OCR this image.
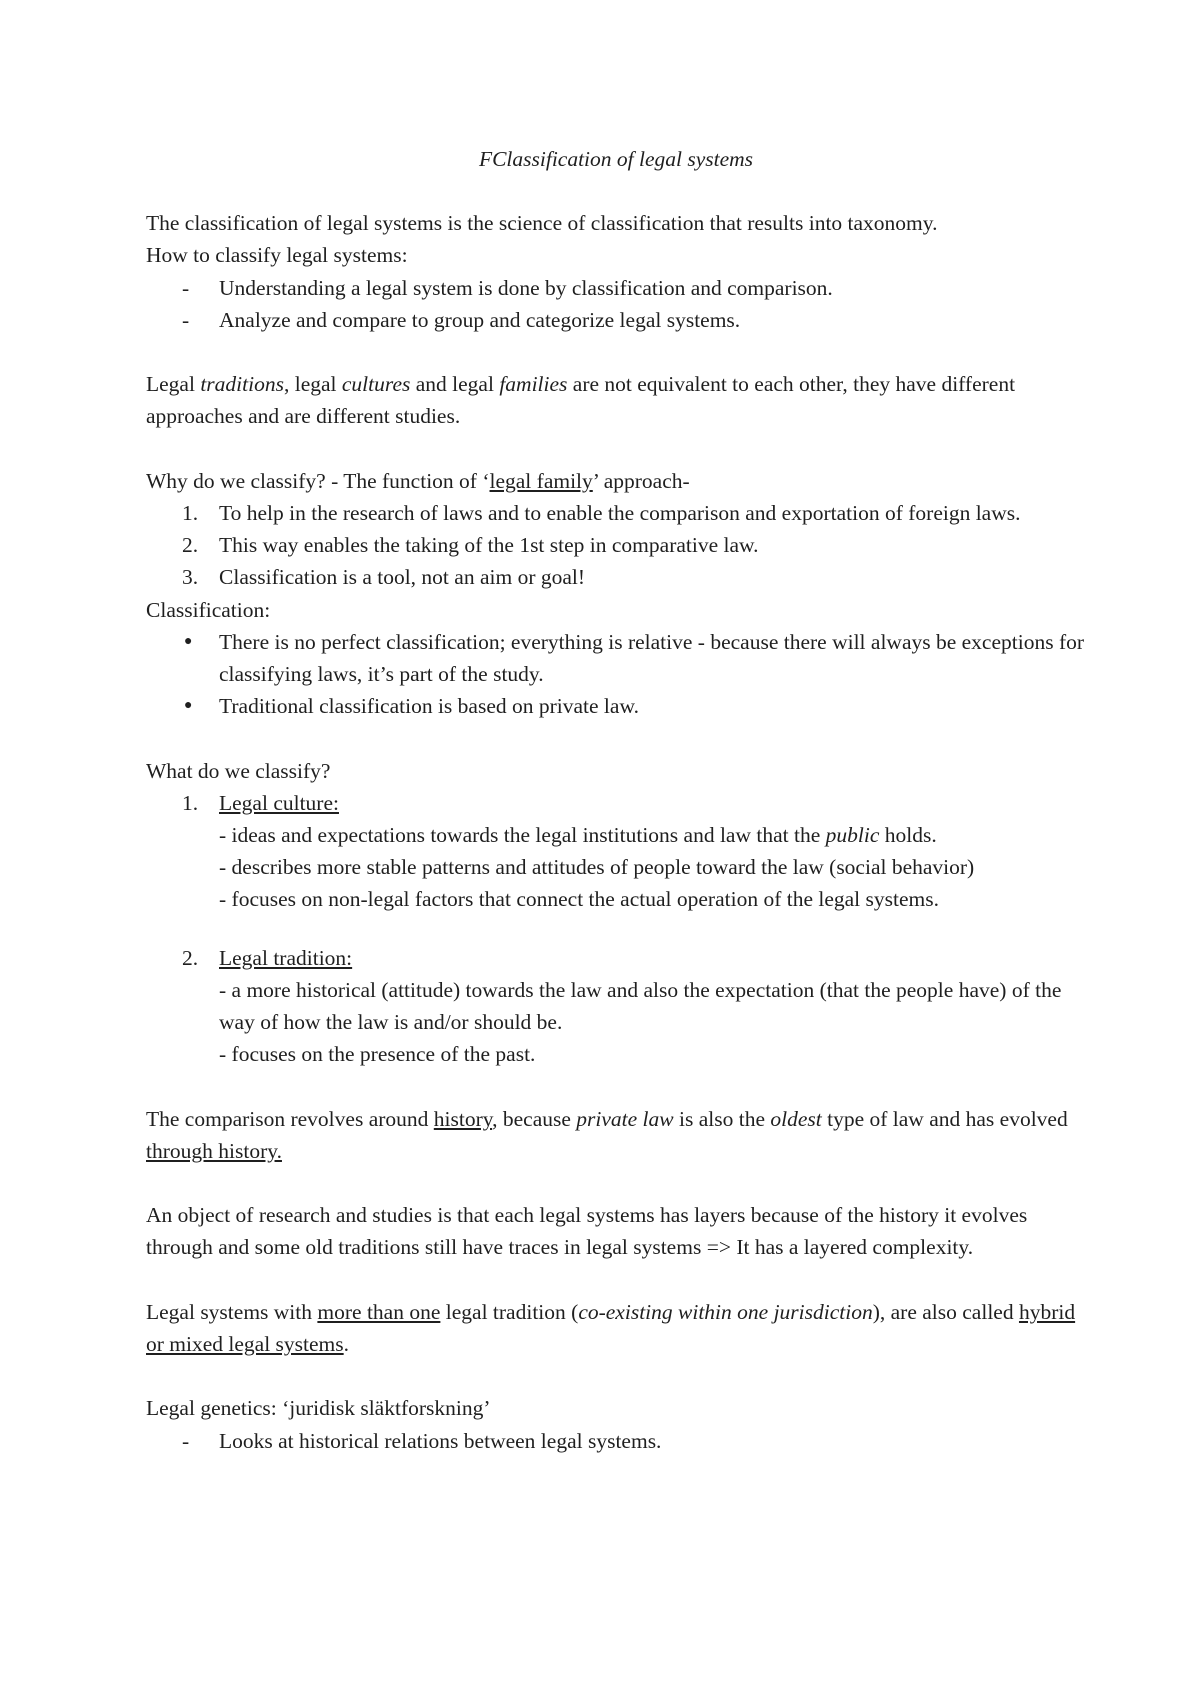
FClassification of legal systems

The classification of legal systems is the science of classification that results into taxonomy.

How to classify legal systems:

-	Understanding a legal system is done by classification and comparison.
-	Analyze and compare to group and categorize legal systems.

Legal traditions, legal cultures and legal families are not equivalent to each other, they have different approaches and are different studies.

Why do we classify? - The function of ‘legal family’ approach-

1. To help in the research of laws and to enable the comparison and exportation of foreign laws.
2. This way enables the taking of the 1st step in comparative law.
3. Classification is a tool, not an aim or goal!

Classification:

●	There is no perfect classification; everything is relative - because there will always be exceptions for classifying laws, it’s part of the study.
●	Traditional classification is based on private law.

What do we classify?

1. Legal culture:

- ideas and expectations towards the legal institutions and law that the public holds.

- describes more stable patterns and attitudes of people toward the law (social behavior)

- focuses on non-legal factors that connect the actual operation of the legal systems.

2. Legal tradition:

- a more historical (attitude) towards the law and also the expectation (that the people have) of the way of how the law is and/or should be.

- focuses on the presence of the past.

The comparison revolves around history, because private law is also the oldest type of law and has evolved through history.

An object of research and studies is that each legal systems has layers because of the history it evolves through and some old traditions still have traces in legal systems => It has a layered complexity.

Legal systems with more than one legal tradition (co-existing within one jurisdiction), are also called hybrid or mixed legal systems.

Legal genetics: ‘juridisk släktforskning’

-	Looks at historical relations between legal systems.
